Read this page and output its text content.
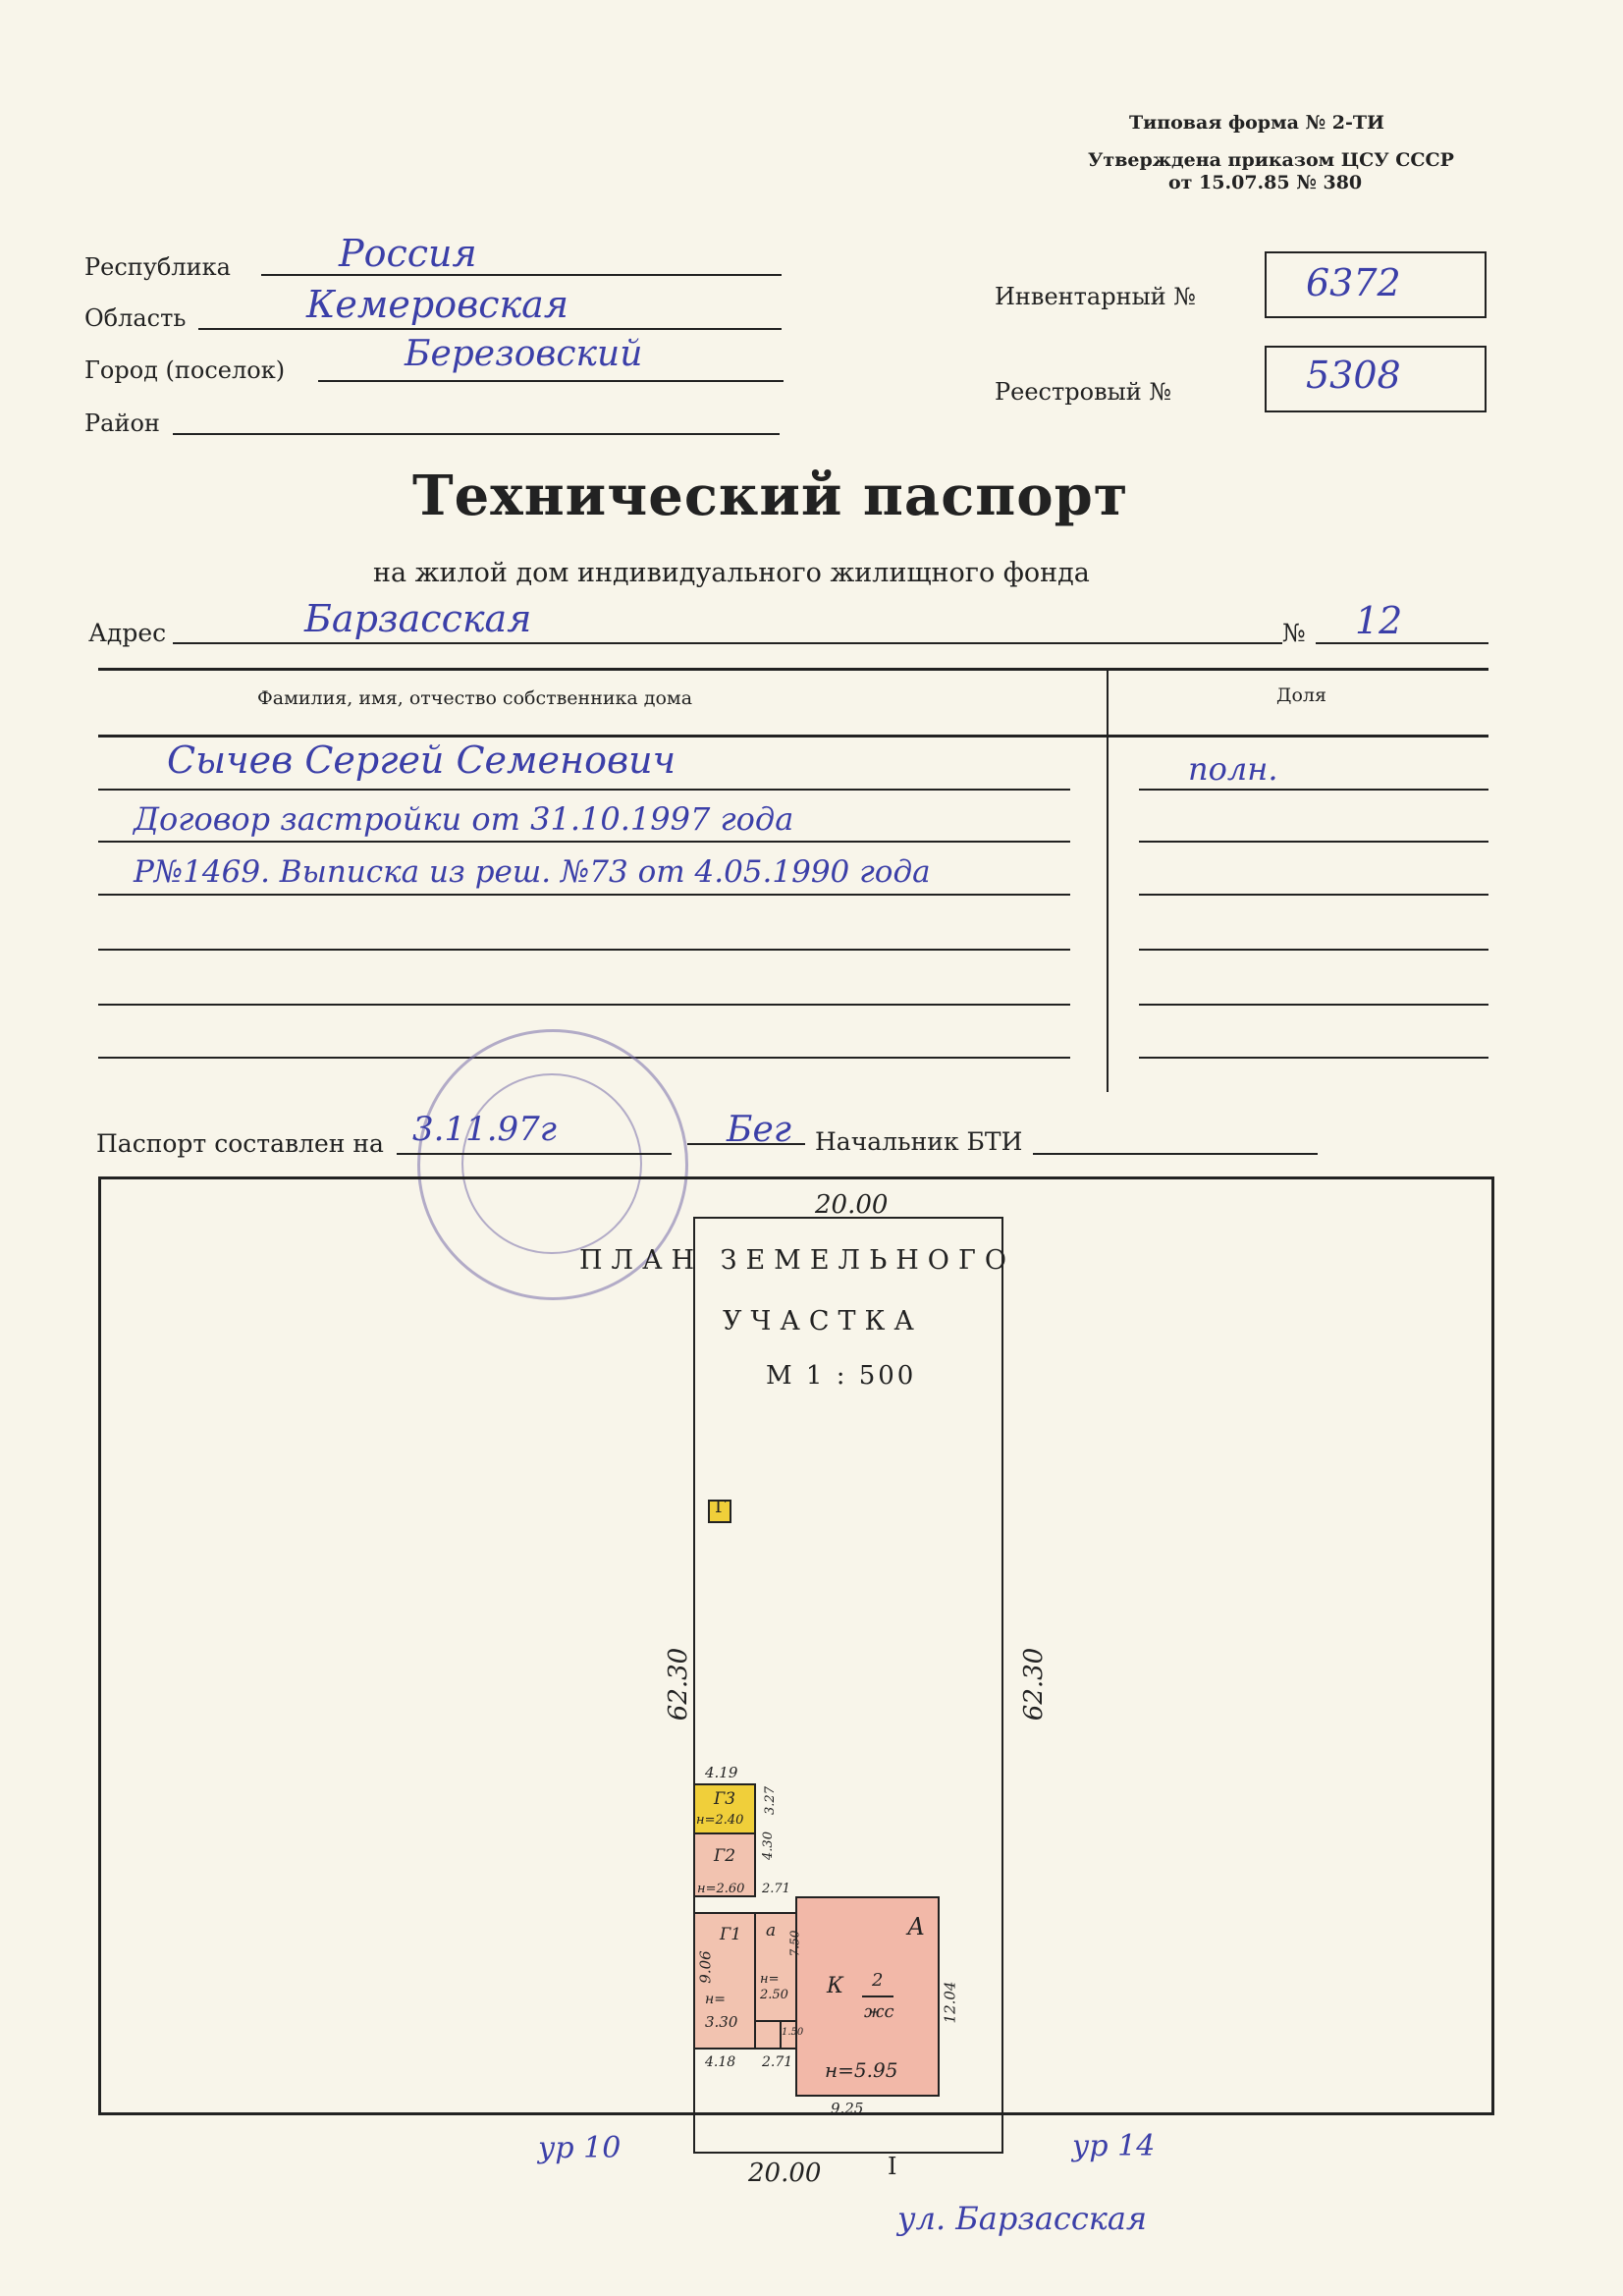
Типовая форма № 2-ТИ
Утверждена приказом ЦСУ СССР
от 15.07.85 № 380
Республика	Россия
Область	Кемеровская
Город (поселок)	Березовский
Район
Инвентарный №	6372
Реестровый №	5308
Технический паспорт
на жилой дом индивидуального жилищного фонда
Адрес	Барзасская	№ 12
Фамилия, имя, отчество собственника дома	Доля
Сычев Сергей Семенович	полн.
Договор застройки от 31.10.1997 года
Р№1469. Выписка из реш. №73 от 4.05.1990 года
Паспорт составлен на 3.11.97г	Бег Начальник БТИ
ПЛАН ЗЕМЕЛЬНОГО
УЧАСТКА
М 1 : 500
20.00
20.00	I
62.30	62.30
Г
ур 10	ур 14
ул. Барзасская
4.19
Г3
н=2.40
3.27
Г2 4.30
н=2.60 2.71
Г1
9.06
н=
3.30
а 7.50
н=
2.50
1.50
А
К 2
жс
н=5.95
12.04
9.25
4.18 2.71
